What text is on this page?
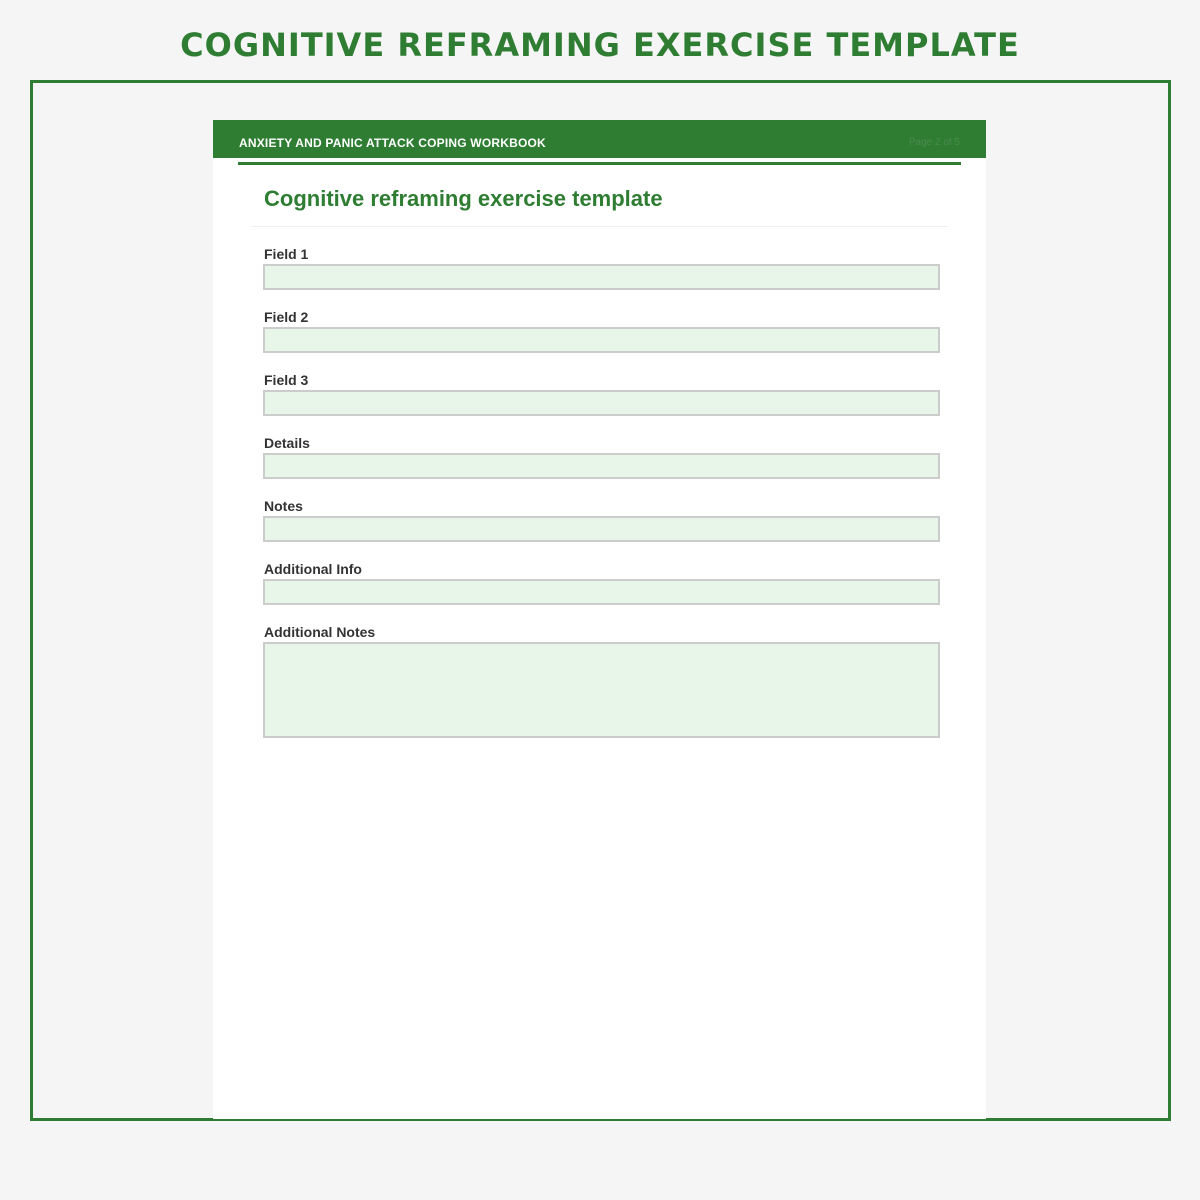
COGNITIVE REFRAMING EXERCISE TEMPLATE
ANXIETY AND PANIC ATTACK COPING WORKBOOK	Page 2 of 5
Cognitive reframing exercise template
Field 1
Field 2
Field 3
Details
Notes
Additional Info
Additional Notes
